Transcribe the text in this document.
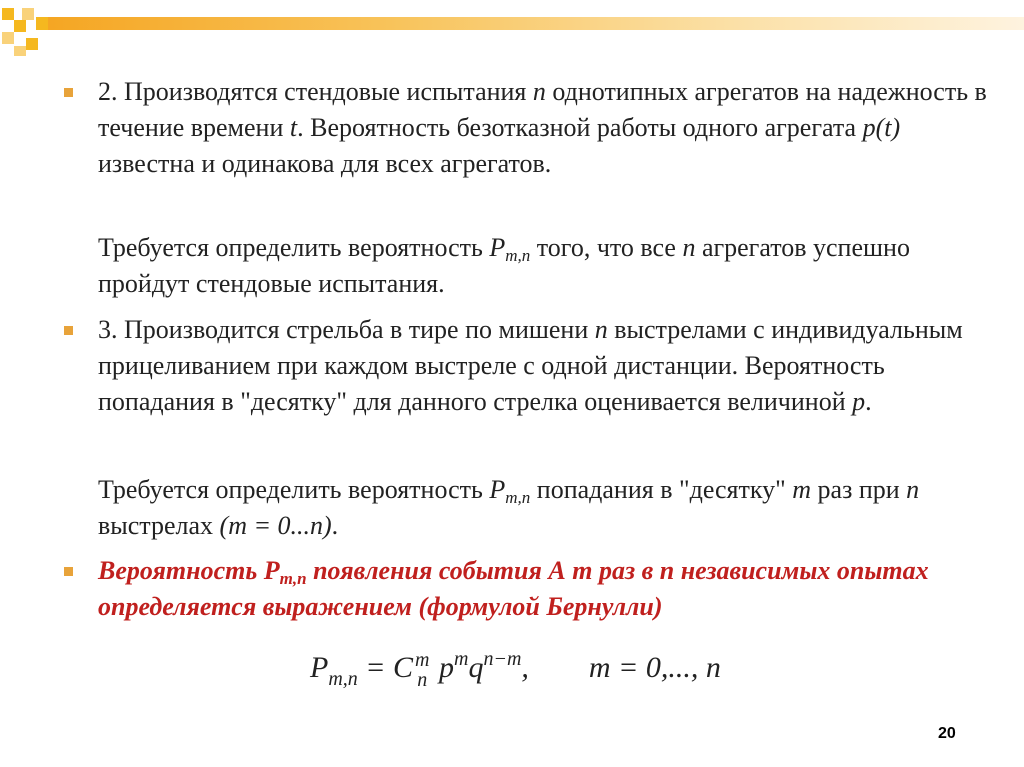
2. Производятся стендовые испытания n однотипных агрегатов на надежность в течение времени t. Вероятность безотказной работы одного агрегата p(t) известна и одинакова для всех агрегатов.

Требуется определить вероятность $P_{m,n}$ того, что все n агрегатов успешно пройдут стендовые испытания.

3. Производится стрельба в тире по мишени n выстрелами с индивидуальным прицеливанием при каждом выстреле с одной дистанции. Вероятность попадания в "десятку" для данного стрелка оценивается величиной p.

Требуется определить вероятность $P_{m,n}$ попадания в "десятку" m раз при n выстрелах (m = 0...n).

Вероятность $P_{m,n}$ появления события А m раз в n независимых опытах определяется выражением (формулой Бернулли)

$P_{m,n} = C$ m
n $p^mq^{n-m}$, m = 0,..., n
20
